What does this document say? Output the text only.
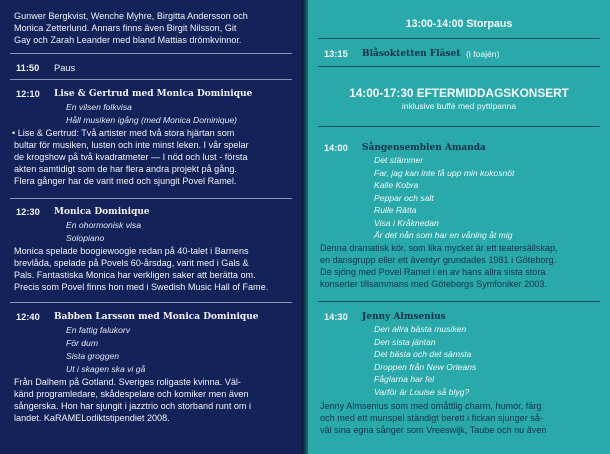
Gunwer Bergkvist, Wenche Myhre, Birgitta Andersson och
Monica Zetterlund. Annars finns även Birgit Nilsson, Git
Gay och Zarah Leander med bland Mattias drömkvinnor.
11:50 Paus
12:10 Lise & Gertrud med Monica Dominique
En vilsen folkvisa
Håll musiken igång (med Monica Dominique)
• Lise & Gertrud: Två artister med två stora hjärtan som
bultar för musiken, lusten och inte minst leken. I vår spelar
de krogshow på två kvadratmeter — I nöd och lust - första
akten samtidigt som de har flera andra projekt på gång.
Flera gånger har de varit med och sjungit Povel Ramel.
12:30 Monica Dominique
En ohormonisk visa
Solopiano
Monica spelade boogiewoogie redan på 40-talet i Barnens
brevlåda, spelade på Povels 60-årsdag, varit med i Gals &
Pals. Fantastiska Monica har verkligen saker att berätta om.
Precis som Povel finns hon med i Swedish Music Hall of Fame.
12:40 Babben Larsson med Monica Dominique
En fattig falukorv
För dum
Sista groggen
Ut i skagen ska vi gå
Från Dalhem på Gotland. Sveriges roligaste kvinna. Väl-
känd programledare, skådespelare och komiker men även
sångerska. Hon har sjungit i jazztrio och storband runt om i
landet. KaRAMELodiktstipendiet 2008.
13:00-14:00 Storpaus
13:15 Blåsoktetten Fläset (i foajén)
14:00-17:30 EFTERMIDDAGSKONSERT
inklusive buffé med pyttipanna
14:00 Sångensemblen Amanda
Det stämmer
Far, jag kan inte få upp min kokosnöt
Kalle Kobra
Peppar och salt
Rulle Rätta
Visa i Kråknedan
Är det nån som har en våning åt mig
Denna dramatisk kör, som lika mycket är ett teatersällskap,
en dansgrupp eller ett äventyr grundades 1981 i Göteborg.
De sjöng med Povel Ramel i en av hans allra sista stora
konserter tillsammans med Göteborgs Symfoniker 2003.
14:30 Jenny Almsenius
Den allra bästa musiken
Den sista jäntan
Det bästa och det sämsta
Droppen från New Orleans
Fåglarna har fel
Varför är Louise så blyg?
Jenny Almsenius som med omåttlig charm, humor, färg
och med ett munspel ständigt berett i fickan sjunger så-
väl sina egna sånger som Vreeswijk, Taube och nu även
